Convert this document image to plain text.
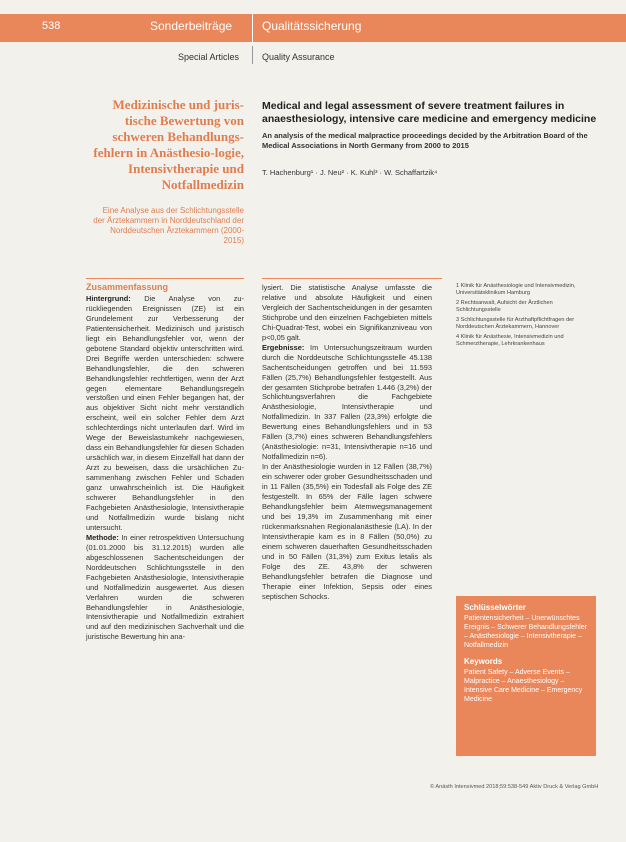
538	Sonderbeiträge Qualitätssicherung
Special Articles	Quality Assurance
Medizinische und juris-tische Bewertung von schweren Behandlungs-fehlern in Anästhesio-logie, Intensivtherapie und Notfallmedizin
Eine Analyse aus der Schlichtungsstelle der Ärztekammern in Norddeutschland der Norddeutschen Ärztekammern (2000-2015)
Medical and legal assessment of severe treatment failures in anaesthesiology, intensive care medicine and emergency medicine
An analysis of the medical malpractice proceedings decided by the Arbitration Board of the Medical Associations in North Germany from 2000 to 2015
T. Hachenburg¹ · J. Neu² · K. Kuhl³ · W. Schaffartzik⁴
Zusammenfassung
Hintergrund: Die Analyse von zu-rückliegenden Ereignissen (ZE) ist ein Grundelement zur Verbesserung der Patientensicherheit. Medizinisch und juristisch liegt ein Behandlungsfehler vor, wenn der gebotene Standard objektiv unterschritten wird. Drei Begriffe werden unterschieden: schwere Behandlungsfehler, die den schweren Behandlungsfehler rechtfertigen, wenn der Arzt gegen elementare Behandlungsregeln verstoßen und einen Fehler begangen hat, der aus objektiver Sicht nicht mehr verständlich erscheint, weil ein solcher Fehler dem Arzt schlechterdings nicht unterlaufen darf. Wird im Wege der Beweislastumkehr nachgewiesen, dass ein Behandlungsfehler für diesen Schaden ursächlich war, in diesem Einzelfall hat dann der Arzt zu beweisen, dass die ursächlichen Zu-sammenhang zwischen Fehler und Schaden ganz unwahrscheinlich ist. Die Häufigkeit schwerer Behandlungsfehler in den Fachgebieten Anästhesiologie, Intensivtherapie und Notfallmedizin wurde bislang nicht untersucht.
Methode: In einer retrospektiven Untersuchung (01.01.2000 bis 31.12.2015) wurden alle abgeschlossenen Sachentscheidungen der Norddeutschen Schlichtungsstelle in den Fachgebieten Anästhesiologie, Intensivtherapie und Notfallmedizin ausgewertet. Aus diesen Verfahren wurden die schweren Behandlungsfehler in Anästhesiologie, Intensivtherapie und Notfallmedizin extrahiert und auf den medizinischen Sachverhalt und die juristische Bewertung hin ana-
lysiert. Die statistische Analyse umfasste die relative und absolute Häufigkeit und einen Vergleich der Sachentscheidungen in der gesamten Stichprobe und den einzelnen Fachgebieten mittels Chi-Quadrat-Test, wobei ein Signifikanzniveau von p<0,05 galt.
Ergebnisse: Im Untersuchungszeitraum wurden durch die Norddeutsche Schlichtungsstelle 45.138 Sachentscheidungen getroffen und bei 11.593 Fällen (25,7%) Behandlungsfehler festgestellt. Aus der gesamten Stichprobe betrafen 1.446 (3,2%) der Schlichtungsverfahren die Fachgebiete Anästhesiologie, Intensivtherapie und Notfallmedizin. In 337 Fällen (23,3%) erfolgte die Bewertung eines Behandlungsfehlers und in 53 Fällen (3,7%) eines schweren Behandlungsfehlers (Anästhesiologie: n=31, Intensivtherapie n=16 und Notfallmedizin n=6).
In der Anästhesiologie wurden in 12 Fällen (38,7%) ein schwerer oder grober Gesundheitsschaden und in 11 Fällen (35,5%) ein Todesfall als Folge des ZE festgestellt. In 65% der Fälle lagen schwere Behandlungsfehler beim Atemwegsmanagement und bei 19,3% im Zusammenhang mit einer rückenmarksnahen Regionalanästhesie (LA). In der Intensivtherapie kam es in 8 Fällen (50,0%) zu einem schweren dauerhaften Gesundheitsschaden und in 50 Fällen (31,3%) zum Exitus letalis als Folge des ZE. 43,8% der schweren Behandlungsfehler betrafen die Diagnose und Therapie einer Infektion, Sepsis oder eines septischen Schocks.

1 Klinik für Anästhesiologie und Intensivmedizin, Universitätsklinikum Hamburg

2 Rechtsanwalt, Aufsicht der Ärztlichen Schlichtungsstelle

3 Schlichtungsstelle für Arzthaftpflichtfragen der Norddeutschen Ärztekammern, Hannover

4 Klinik für Anästhesie, Intensivmedizin und Schmerztherapie, Lehrkrankenhaus

Schlüsselwörter
Patientensicherheit – Unerwünschtes Ereignis – Schwerer Behandlungsfehler – Anästhesiologie – Intensivtherapie – Notfallmedizin
Keywords
Patient Safety – Adverse Events – Malpractice – Anaesthesiology – Intensive Care Medicine – Emergency Medicine
© Anästh Intensivmed 2018;59:538-549 Aktiv Druck & Verlag GmbH
